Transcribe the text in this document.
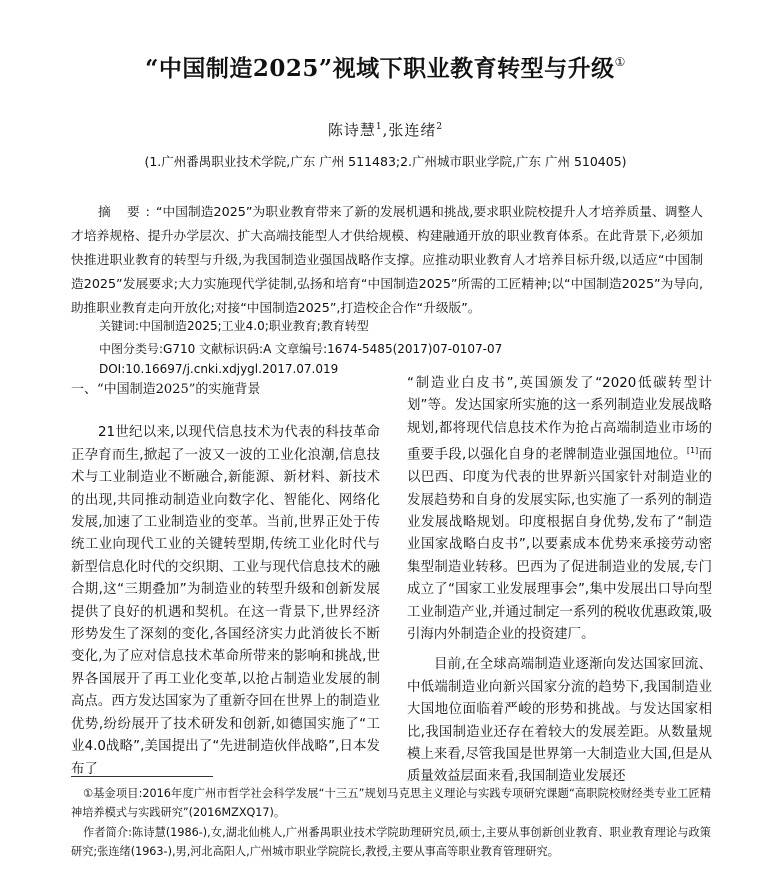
“中国制造2025”视域下职业教育转型与升级①
陈诗慧$^1$,张连绪$^2$
(1.广州番禺职业技术学院,广东 广州 511483;2.广州城市职业学院,广东 广州 510405)
摘 要:“中国制造2025”为职业教育带来了新的发展机遇和挑战,要求职业院校提升人才培养质量、调整人才培养规格、提升办学层次、扩大高端技能型人才供给规模、构建融通开放的职业教育体系。在此背景下,必须加快推进职业教育的转型与升级,为我国制造业强国战略作支撑。应推动职业教育人才培养目标升级,以适应“中国制造2025”发展要求;大力实施现代学徒制,弘扬和培育“中国制造2025”所需的工匠精神;以“中国制造2025”为导向,助推职业教育走向开放化;对接“中国制造2025”,打造校企合作“升级版”。
关键词:中国制造2025;工业4.0;职业教育;教育转型
中图分类号:G710 文献标识码:A 文章编号:1674-5485(2017)07-0107-07
DOI:10.16697/j.cnki.xdjygl.2017.07.019
一、“中国制造2025”的实施背景

21世纪以来,以现代信息技术为代表的科技革命正孕育而生,掀起了一波又一波的工业化浪潮,信息技术与工业制造业不断融合,新能源、新材料、新技术的出现,共同推动制造业向数字化、智能化、网络化发展,加速了工业制造业的变革。当前,世界正处于传统工业向现代工业的关键转型期,传统工业化时代与新型信息化时代的交织期、工业与现代信息技术的融合期,这“三期叠加”为制造业的转型升级和创新发展提供了良好的机遇和契机。在这一背景下,世界经济形势发生了深刻的变化,各国经济实力此消彼长不断变化,为了应对信息技术革命所带来的影响和挑战,世界各国展开了再工业化变革,以抢占制造业发展的制高点。西方发达国家为了重新夺回在世界上的制造业优势,纷纷展开了技术研发和创新,如德国实施了“工业4.0战略”,美国提出了“先进制造伙伴战略”,日本发布了

“制造业白皮书”,英国颁发了“2020低碳转型计划”等。发达国家所实施的这一系列制造业发展战略规划,都将现代信息技术作为抢占高端制造业市场的重要手段,以强化自身的老牌制造业强国地位。[1]而以巴西、印度为代表的世界新兴国家针对制造业的发展趋势和自身的发展实际,也实施了一系列的制造业发展战略规划。印度根据自身优势,发布了“制造业国家战略白皮书”,以要素成本优势来承接劳动密集型制造业转移。巴西为了促进制造业的发展,专门成立了“国家工业发展理事会”,集中发展出口导向型工业制造产业,并通过制定一系列的税收优惠政策,吸引海内外制造企业的投资建厂。

目前,在全球高端制造业逐渐向发达国家回流、中低端制造业向新兴国家分流的趋势下,我国制造业大国地位面临着严峻的形势和挑战。与发达国家相比,我国制造业还存在着较大的发展差距。从数量规模上来看,尽管我国是世界第一大制造业大国,但是从质量效益层面来看,我国制造业发展还

①基金项目:2016年度广州市哲学社会科学发展“十三五”规划马克思主义理论与实践专项研究课题“高职院校财经类专业工匠精神培养模式与实践研究”(2016MZXQ17)。
作者简介:陈诗慧(1986-),女,湖北仙桃人,广州番禺职业技术学院助理研究员,硕士,主要从事创新创业教育、职业教育理论与政策研究;张连绪(1963-),男,河北高阳人,广州城市职业学院院长,教授,主要从事高等职业教育管理研究。
